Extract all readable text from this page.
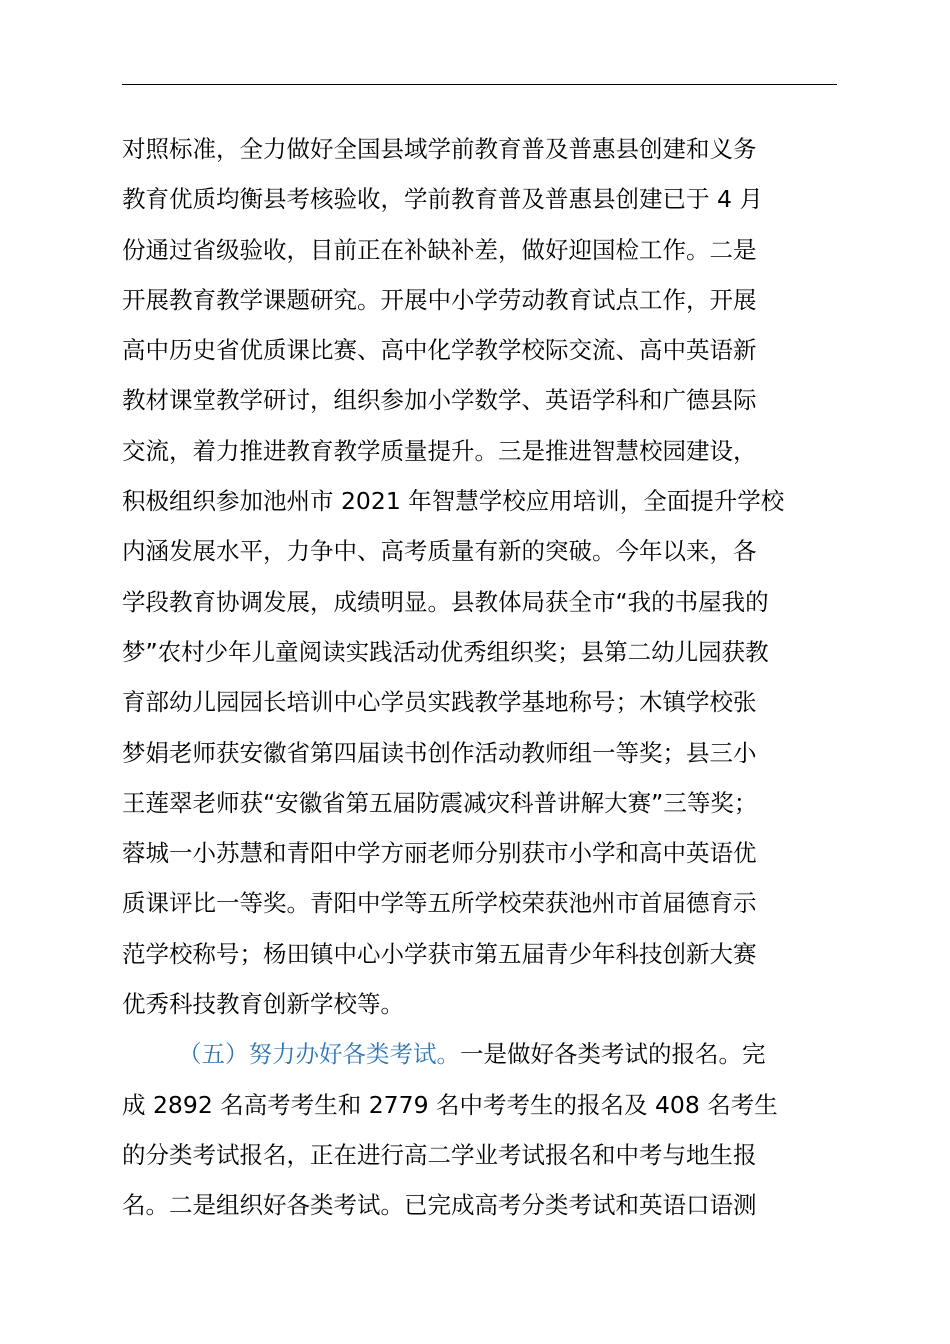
对照标准，全力做好全国县域学前教育普及普惠县创建和义务
教育优质均衡县考核验收，学前教育普及普惠县创建已于 4 月
份通过省级验收，目前正在补缺补差，做好迎国检工作。二是
开展教育教学课题研究。开展中小学劳动教育试点工作，开展
高中历史省优质课比赛、高中化学教学校际交流、高中英语新
教材课堂教学研讨，组织参加小学数学、英语学科和广德县际
交流，着力推进教育教学质量提升。三是推进智慧校园建设，
积极组织参加池州市 2021 年智慧学校应用培训，全面提升学校
内涵发展水平，力争中、高考质量有新的突破。今年以来，各
学段教育协调发展，成绩明显。县教体局获全市“我的书屋我的
梦”农村少年儿童阅读实践活动优秀组织奖；县第二幼儿园获教
育部幼儿园园长培训中心学员实践教学基地称号；木镇学校张
梦娟老师获安徽省第四届读书创作活动教师组一等奖；县三小
王莲翠老师获“安徽省第五届防震减灾科普讲解大赛”三等奖；
蓉城一小苏慧和青阳中学方丽老师分别获市小学和高中英语优
质课评比一等奖。青阳中学等五所学校荣获池州市首届德育示
范学校称号；杨田镇中心小学获市第五届青少年科技创新大赛
优秀科技教育创新学校等。
（五）努力办好各类考试。一是做好各类考试的报名。完
成 2892 名高考考生和 2779 名中考考生的报名及 408 名考生
的分类考试报名，正在进行高二学业考试报名和中考与地生报
名。二是组织好各类考试。已完成高考分类考试和英语口语测
